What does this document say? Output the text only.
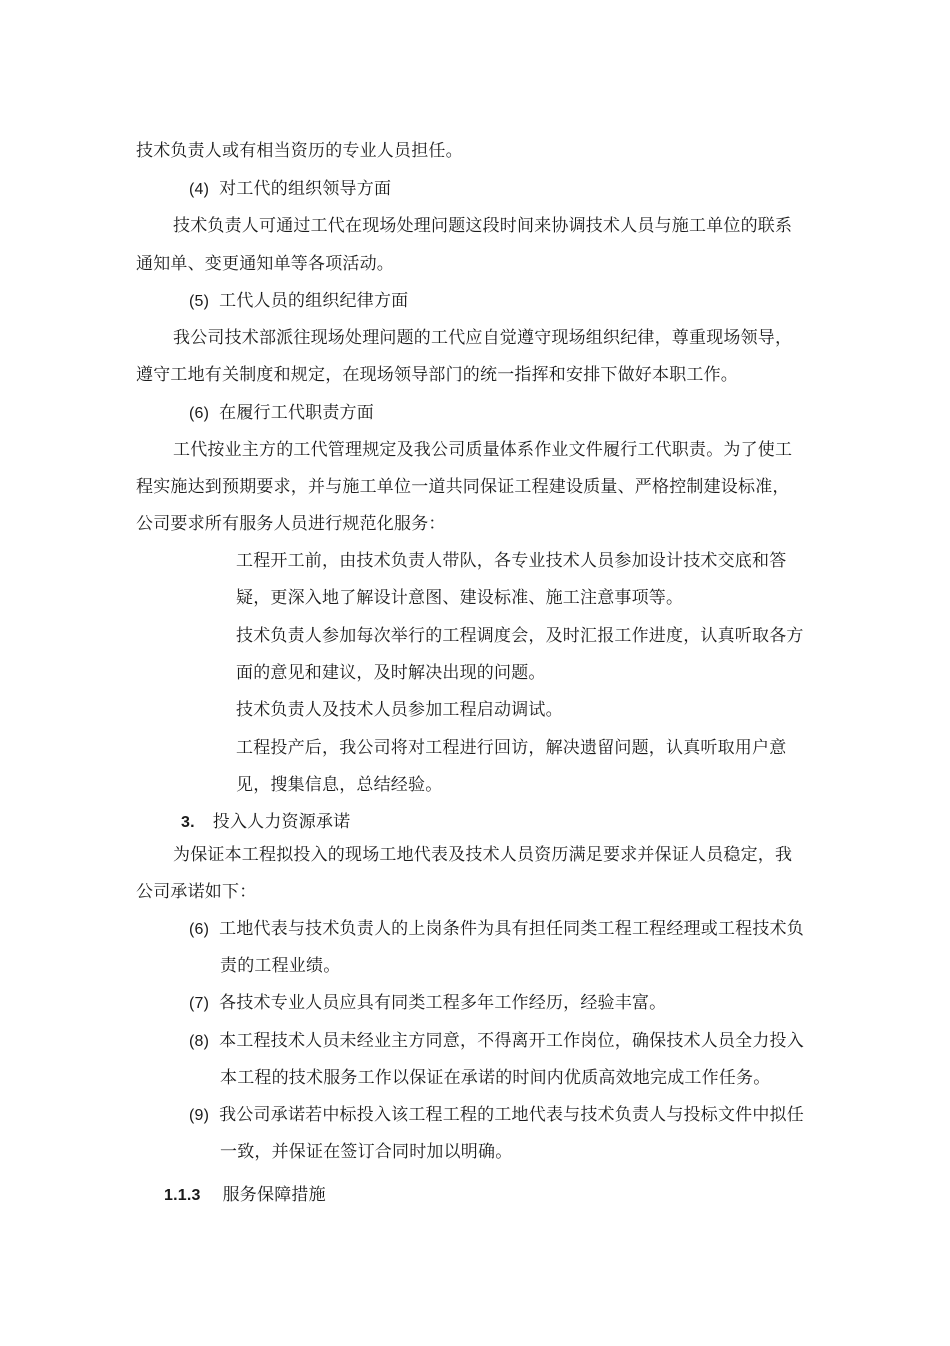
技术负责人或有相当资历的专业人员担任。
(4) 对工代的组织领导方面
技术负责人可通过工代在现场处理问题这段时间来协调技术人员与施工单位的联系
通知单、变更通知单等各项活动。
(5) 工代人员的组织纪律方面
我公司技术部派往现场处理问题的工代应自觉遵守现场组织纪律，尊重现场领导，
遵守工地有关制度和规定，在现场领导部门的统一指挥和安排下做好本职工作。
(6) 在履行工代职责方面
工代按业主方的工代管理规定及我公司质量体系作业文件履行工代职责。为了使工
程实施达到预期要求，并与施工单位一道共同保证工程建设质量、严格控制建设标准，
公司要求所有服务人员进行规范化服务：
工程开工前，由技术负责人带队，各专业技术人员参加设计技术交底和答
疑，更深入地了解设计意图、建设标准、施工注意事项等。
技术负责人参加每次举行的工程调度会，及时汇报工作进度，认真听取各方
面的意见和建议，及时解决出现的问题。
技术负责人及技术人员参加工程启动调试。
工程投产后，我公司将对工程进行回访，解决遗留问题，认真听取用户意
见，搜集信息，总结经验。
3. 投入人力资源承诺
为保证本工程拟投入的现场工地代表及技术人员资历满足要求并保证人员稳定，我
公司承诺如下：
(6) 工地代表与技术负责人的上岗条件为具有担任同类工程工程经理或工程技术负
责的工程业绩。
(7) 各技术专业人员应具有同类工程多年工作经历，经验丰富。
(8) 本工程技术人员未经业主方同意，不得离开工作岗位，确保技术人员全力投入
本工程的技术服务工作以保证在承诺的时间内优质高效地完成工作任务。
(9) 我公司承诺若中标投入该工程工程的工地代表与技术负责人与投标文件中拟任
一致，并保证在签订合同时加以明确。
1.1.3 服务保障措施
